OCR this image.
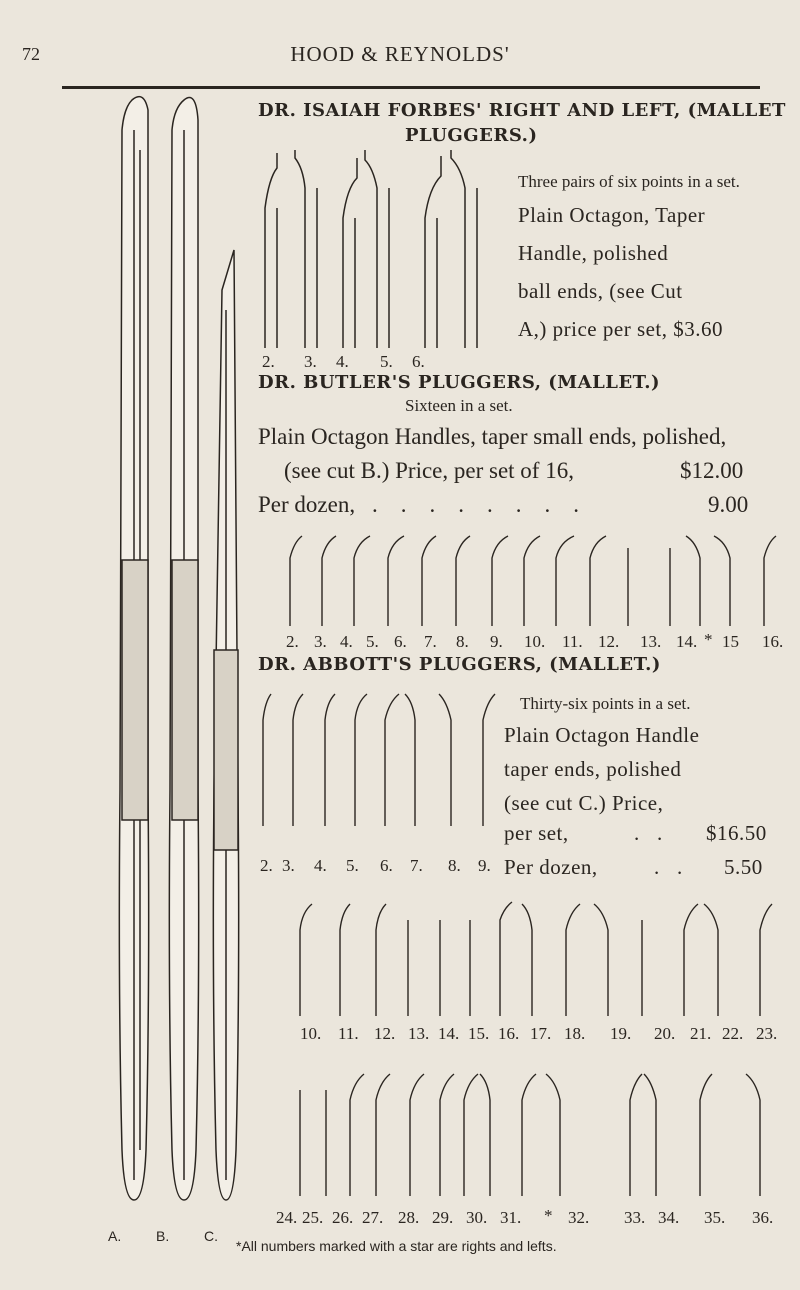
72	HOOD & REYNOLDS'
A. B. C.
DR. ISAIAH FORBES' RIGHT AND LEFT, (MALLET
PLUGGERS.)
Three pairs of six points in a set.
Plain Octagon, Taper
Handle, polished
ball ends, (see Cut
A,) price per set, $3.60
2. 3. 4. 5. 6.
DR. BUTLER'S PLUGGERS, (MALLET.)
Sixteen in a set.
Plain Octagon Handles, taper small ends, polished,
(see cut B.) Price, per set of 16,	$12.00
Per dozen, .    .    .    .    .    .    .    .	9.00
2. 3. 4. 5. 6. 7. 8. 9. 10. 11. 12. 13. 14. * 15 16.
DR. ABBOTT'S PLUGGERS, (MALLET.)
Thirty-six points in a set.
Plain Octagon Handle
taper ends, polished
(see cut C.) Price,
per set,	.   . $16.50
Per dozen,	.   . 5.50
2. 3. 4. 5. 6. 7. 8. 9.
10. 11. 12. 13. 14. 15. 16. 17. 18. 19. 20. 21. 22. 23.
24. 25. 26. 27. 28. 29. 30. 31. * 32. 33. 34. 35. 36.
*All numbers marked with a star are rights and lefts.
